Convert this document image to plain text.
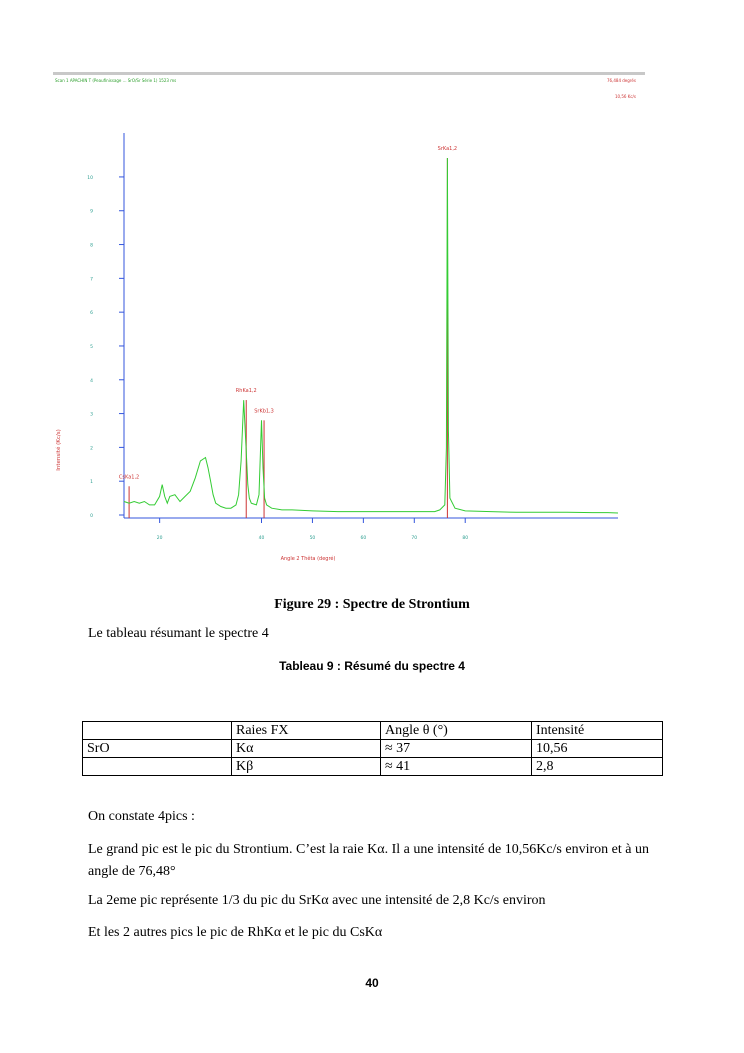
Scan 1 APACHIN T (Peaufinissage ... SrO/Sr Série 1) 1523 ms	76,484 degrés
10,56 Kc/s
0
1
2
3
4
5
6
7
8
9
10
20	40	50	60	70	80
CsKa1,2
RhKa1,2
SrKb1,3
SrKa1,2
Angle 2 Thêta (degré)
Intensité (Kc/s)
Figure 29 : Spectre de Strontium
Le tableau résumant le spectre 4
Tableau 9 : Résumé du spectre 4
	Raies FX	Angle θ (°)	Intensité
SrO	Kα	≈ 37	10,56
	Kβ	≈ 41	2,8
On constate 4pics :
Le grand pic est le pic du Strontium. C’est la raie Kα. Il a une intensité de 10,56Kc/s environ et à un angle de 76,48°
La 2eme pic représente 1/3 du pic du SrKα avec une intensité de 2,8 Kc/s environ
Et les 2 autres pics le pic de RhKα et le pic du CsKα
40
